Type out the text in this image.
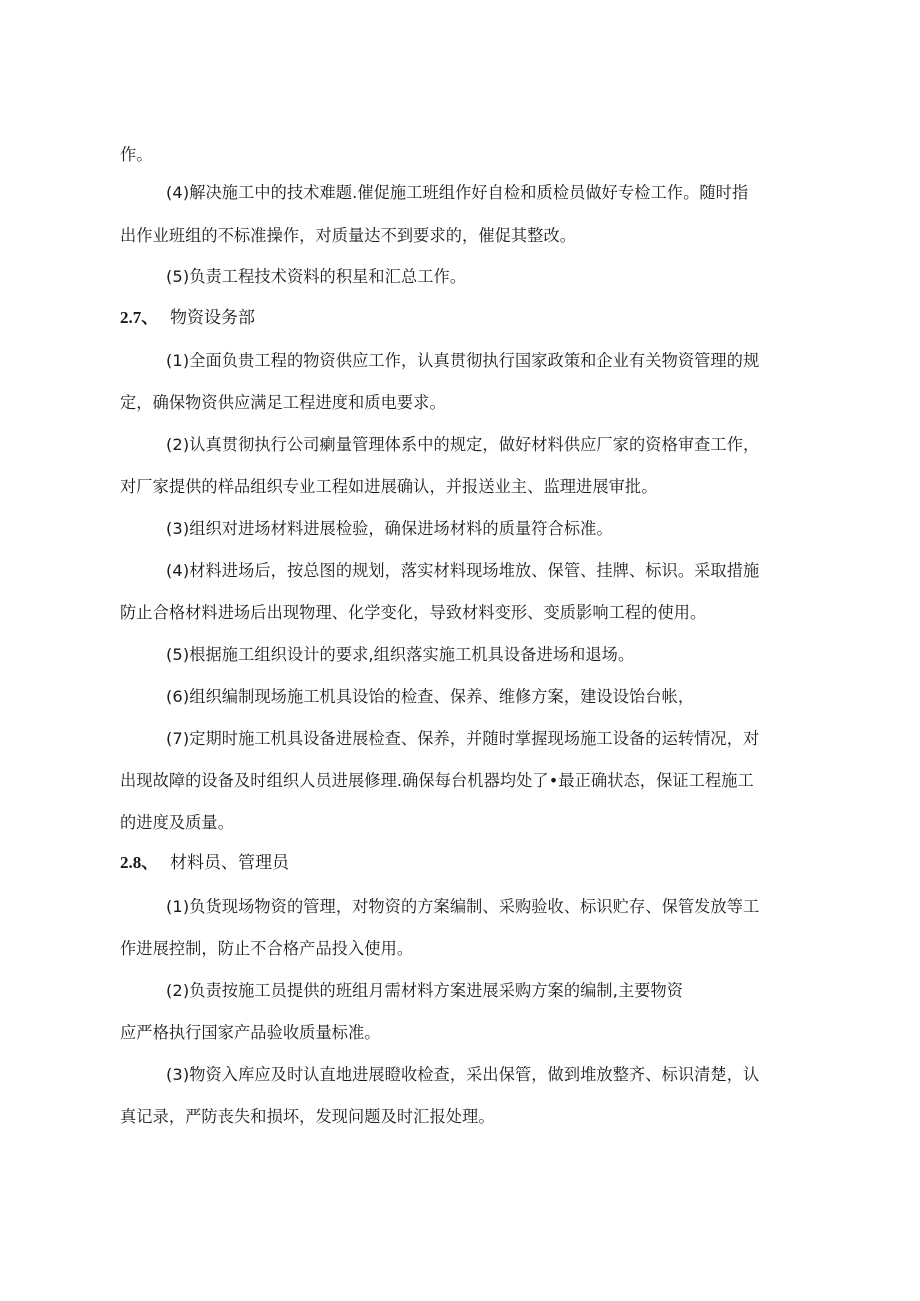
作。
(4)解决施工中的技术难题.催促施工班组作好自检和质检员做好专检工作。随时指
出作业班组的不标准操作，对质量达不到要求的，催促其整改。
(5)负责工程技术资料的积星和汇总工作。
2.7、 物资设务部
(1)全面负贵工程的物资供应工作，认真贯彻执行国家政策和企业有关物资管理的规
定，确保物资供应满足工程进度和质电要求。
(2)认真贯彻执行公司瘌量管理体系中的规定，做好材料供应厂家的资格审查工作，
对厂家提供的样品组织专业工程如进展确认，并报送业主、监理进展审批。
(3)组织对进场材料进展检验，确保进场材料的质量符合标准。
(4)材料进场后，按总图的规划，落实材料现场堆放、保管、挂牌、标识。采取措施
防止合格材料进场后出现物理、化学变化，导致材料变形、变质影响工程的使用。
(5)根据施工组织设计的要求,组织落实施工机具设备进场和退场。
(6)组织编制现场施工机具设饴的检查、保养、维修方案，建设设饴台帐，
(7)定期时施工机具设备进展检查、保养，并随时掌握现场施工设备的运转情况，对
出现故障的设备及时组织人员进展修理.确保每台机器均处了•最正确状态，保证工程施工
的进度及质量。
2.8、 材料员、管理员
(1)负货现场物资的管理，对物资的方案编制、采购验收、标识贮存、保管发放等工
作进展控制，防止不合格产品投入使用。
(2)负责按施工员提供的班组月需材料方案进展采购方案的编制,主要物资
应严格执行国家产品验收质量标准。
(3)物资入库应及时认直地进展瞪收检查，采出保管，做到堆放整齐、标识清楚，认
真记录，严防丧失和损坏，发现问题及时汇报处理。
